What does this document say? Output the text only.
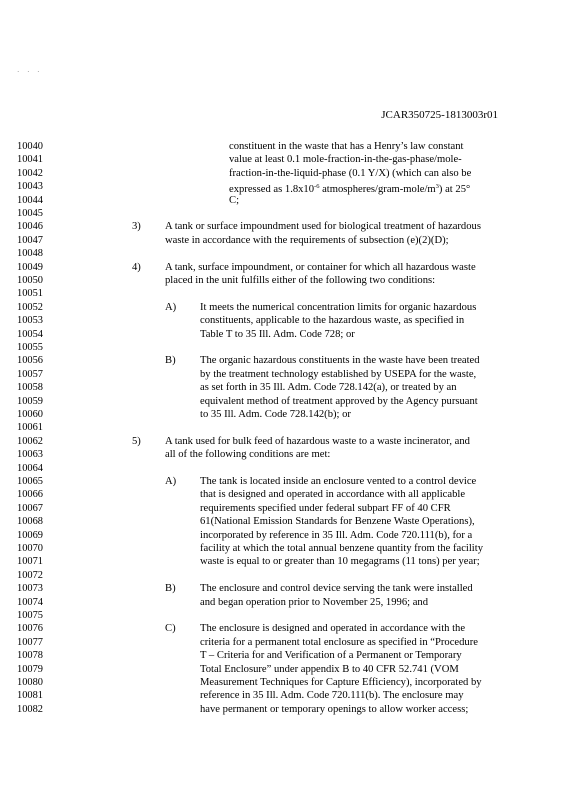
· · ·
JCAR350725-1813003r01
10040
10041
10042
10043
10044
10045
10046
10047
10048
10049
10050
10051
10052
10053
10054
10055
10056
10057
10058
10059
10060
10061
10062
10063
10064
10065
10066
10067
10068
10069
10070
10071
10072
10073
10074
10075
10076
10077
10078
10079
10080
10081
10082
constituent in the waste that has a Henry’s law constant
value at least 0.1 mole-fraction-in-the-gas-phase/mole-
fraction-in-the-liquid-phase (0.1 Y/X) (which can also be
expressed as $1.8x10^{-6}$ atmospheres/$gram-mole/m^3$) at 25°
C;
3) A tank or surface impoundment used for biological treatment of hazardous
waste in accordance with the requirements of subsection (e)(2)(D);
4) A tank, surface impoundment, or container for which all hazardous waste
placed in the unit fulfills either of the following two conditions:
A) It meets the numerical concentration limits for organic hazardous
constituents, applicable to the hazardous waste, as specified in
Table T to 35 Ill. Adm. Code 728; or
B) The organic hazardous constituents in the waste have been treated
by the treatment technology established by USEPA for the waste,
as set forth in 35 Ill. Adm. Code 728.142(a), or treated by an
equivalent method of treatment approved by the Agency pursuant
to 35 Ill. Adm. Code 728.142(b); or
5) A tank used for bulk feed of hazardous waste to a waste incinerator, and
all of the following conditions are met:
A) The tank is located inside an enclosure vented to a control device
that is designed and operated in accordance with all applicable
requirements specified under federal subpart FF of 40 CFR
61(National Emission Standards for Benzene Waste Operations),
incorporated by reference in 35 Ill. Adm. Code 720.111(b), for a
facility at which the total annual benzene quantity from the facility
waste is equal to or greater than 10 megagrams (11 tons) per year;
B) The enclosure and control device serving the tank were installed
and began operation prior to November 25, 1996; and
C) The enclosure is designed and operated in accordance with the
criteria for a permanent total enclosure as specified in “Procedure
T – Criteria for and Verification of a Permanent or Temporary
Total Enclosure” under appendix B to 40 CFR 52.741 (VOM
Measurement Techniques for Capture Efficiency), incorporated by
reference in 35 Ill. Adm. Code 720.111(b). The enclosure may
have permanent or temporary openings to allow worker access;
